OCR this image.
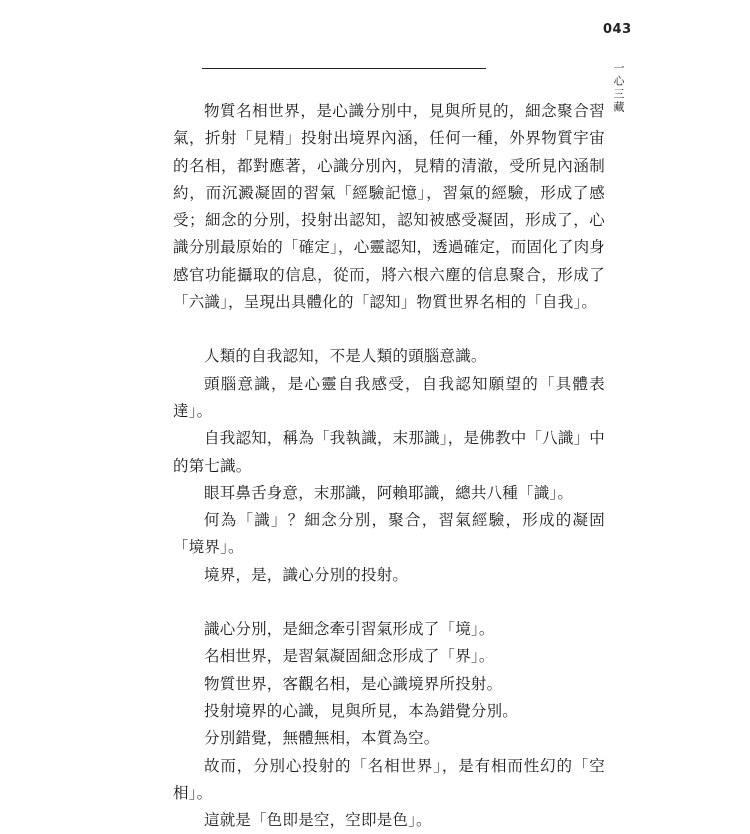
043
一心三藏

物質名相世界，是心識分別中，見與所見的，細念聚合習氣，折射「見精」投射出境界內涵，任何一種，外界物質宇宙的名相，都對應著，心識分別內，見精的清澈，受所見內涵制約，而沉澱凝固的習氣「經驗記憶」，習氣的經驗，形成了感受；細念的分別，投射出認知，認知被感受凝固，形成了，心識分別最原始的「確定」，心靈認知，透過確定，而固化了肉身感官功能攝取的信息，從而，將六根六塵的信息聚合，形成了「六識」，呈現出具體化的「認知」物質世界名相的「自我」。

人類的自我認知，不是人類的頭腦意識。

頭腦意識，是心靈自我感受，自我認知願望的「具體表達」。

自我認知，稱為「我執識，末那識」，是佛教中「八識」中的第七識。

眼耳鼻舌身意，末那識，阿賴耶識，總共八種「識」。

何為「識」？細念分別，聚合，習氣經驗，形成的凝固「境界」。

境界，是，識心分別的投射。

識心分別，是細念牽引習氣形成了「境」。

名相世界，是習氣凝固細念形成了「界」。

物質世界，客觀名相，是心識境界所投射。

投射境界的心識，見與所見，本為錯覺分別。

分別錯覺，無體無相，本質為空。

故而，分別心投射的「名相世界」，是有相而性幻的「空相」。

這就是「色即是空，空即是色」。
